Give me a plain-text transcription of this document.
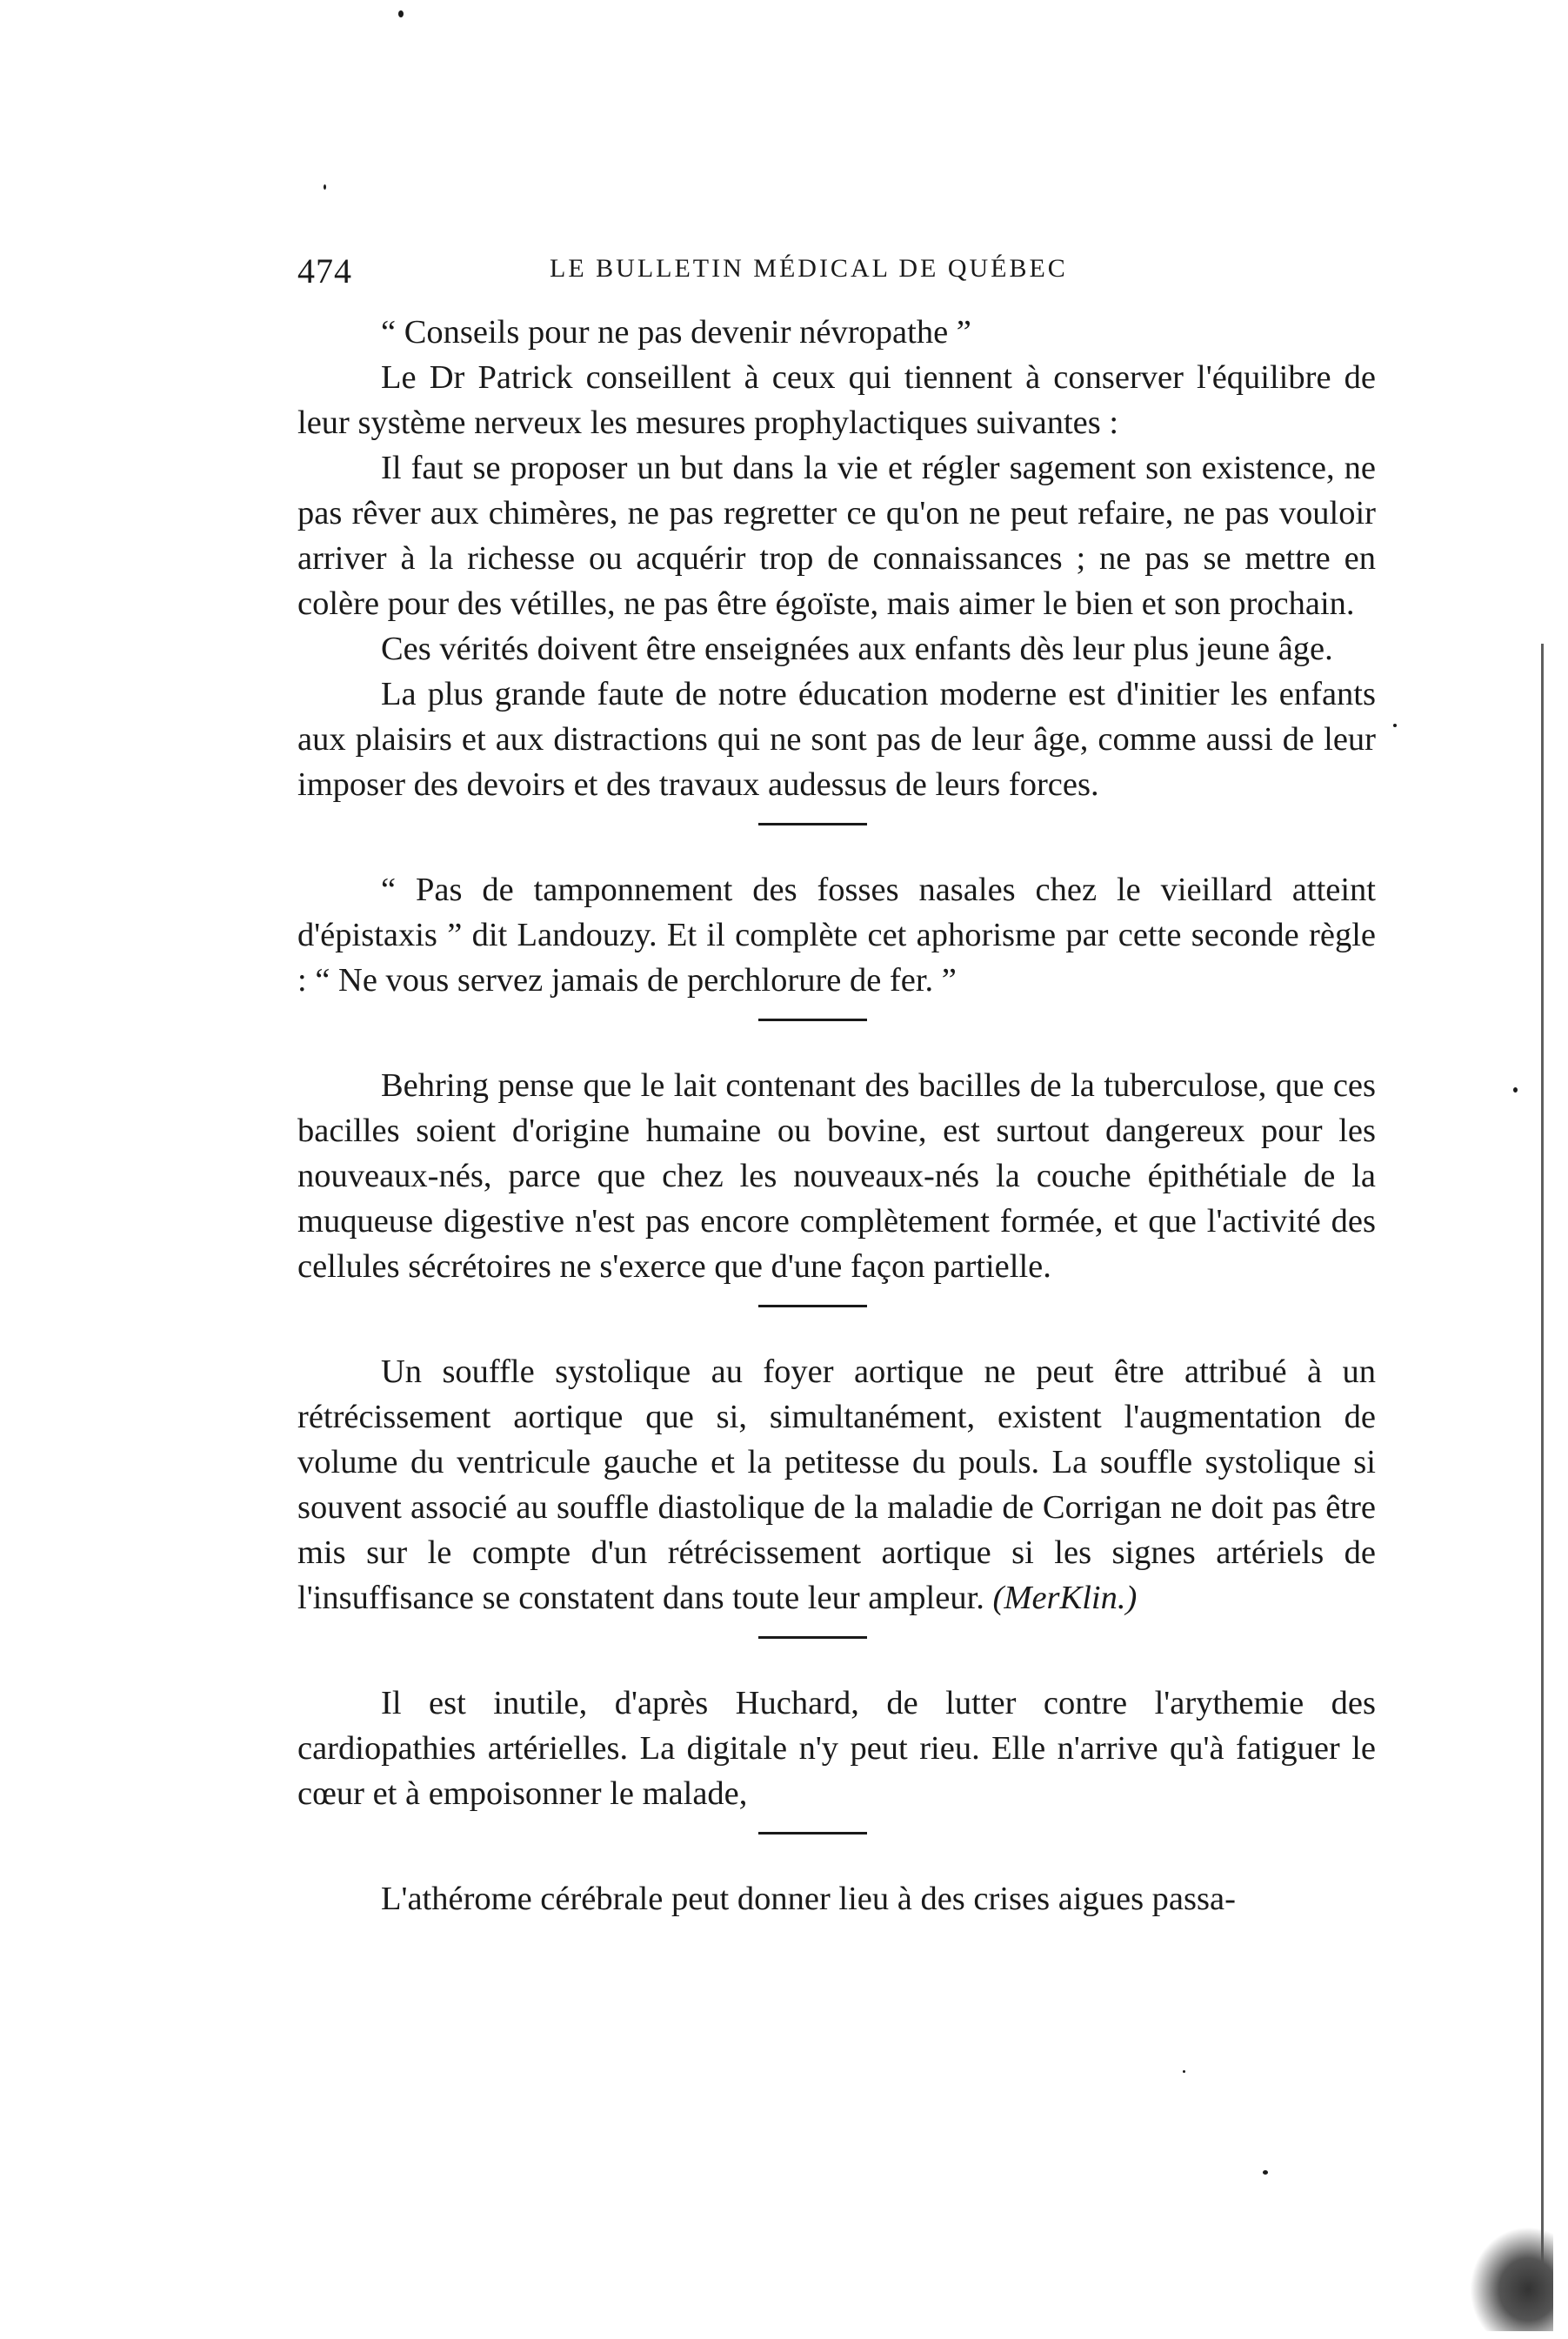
474	LE BULLETIN MÉDICAL DE QUÉBEC

“ Conseils pour ne pas devenir névropathe ”

Le Dr Patrick conseillent à ceux qui tiennent à conserver l'équilibre de leur système nerveux les mesures prophylactiques suivantes :

Il faut se proposer un but dans la vie et régler sagement son existence, ne pas rêver aux chimères, ne pas regretter ce qu'on ne peut refaire, ne pas vouloir arriver à la richesse ou acquérir trop de connaissances ; ne pas se mettre en colère pour des vétilles, ne pas être égoïste, mais aimer le bien et son prochain.

Ces vérités doivent être enseignées aux enfants dès leur plus jeune âge.

La plus grande faute de notre éducation moderne est d'initier les enfants aux plaisirs et aux distractions qui ne sont pas de leur âge, comme aussi de leur imposer des devoirs et des travaux audessus de leurs forces.

“ Pas de tamponnement des fosses nasales chez le vieillard atteint d'épistaxis ” dit Landouzy. Et il complète cet aphorisme par cette seconde règle : “ Ne vous servez jamais de perchlorure de fer. ”

Behring pense que le lait contenant des bacilles de la tuberculose, que ces bacilles soient d'origine humaine ou bovine, est surtout dangereux pour les nouveaux-nés, parce que chez les nouveaux-nés la couche épithétiale de la muqueuse digestive n'est pas encore complètement formée, et que l'activité des cellules sécrétoires ne s'exerce que d'une façon partielle.

Un souffle systolique au foyer aortique ne peut être attribué à un rétrécissement aortique que si, simultanément, existent l'augmentation de volume du ventricule gauche et la petitesse du pouls. La souffle systolique si souvent associé au souffle diastolique de la maladie de Corrigan ne doit pas être mis sur le compte d'un rétrécissement aortique si les signes artériels de l'insuffisance se constatent dans toute leur ampleur. (MerKlin.)

Il est inutile, d'après Huchard, de lutter contre l'arythemie des cardiopathies artérielles. La digitale n'y peut rieu. Elle n'arrive qu'à fatiguer le cœur et à empoisonner le malade,

L'athérome cérébrale peut donner lieu à des crises aigues passa-
